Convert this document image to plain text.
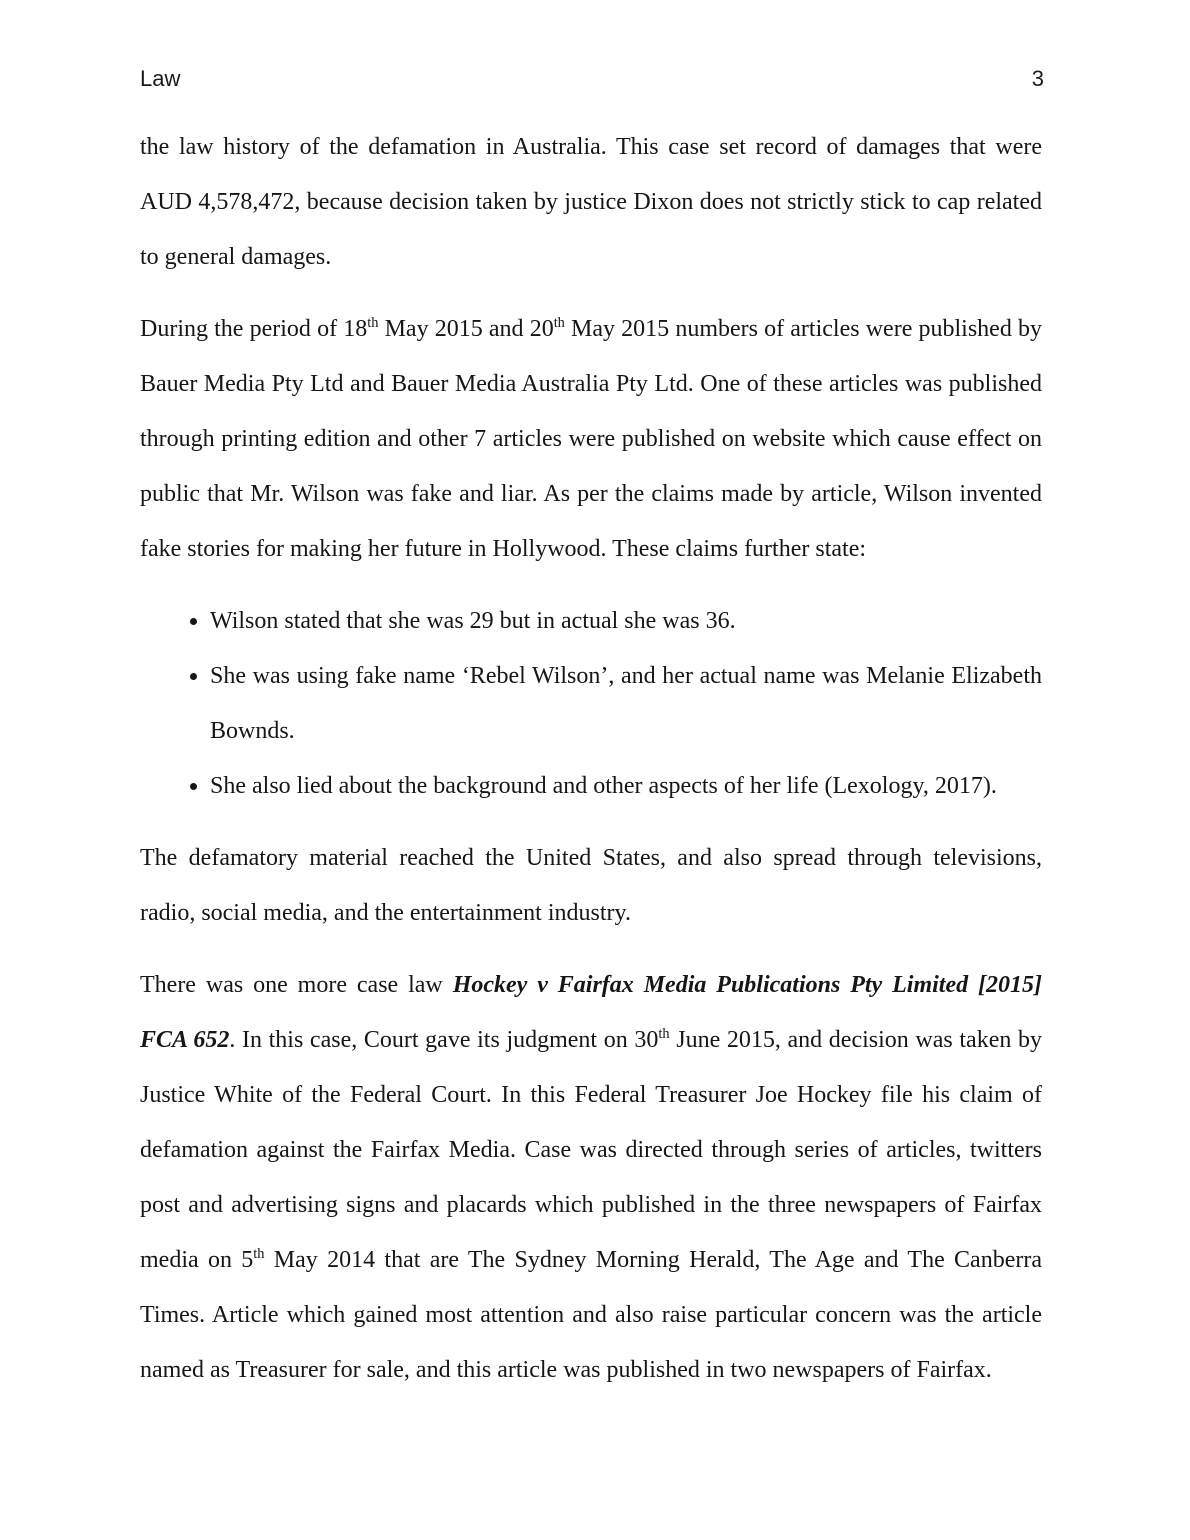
Law	3

the law history of the defamation in Australia. This case set record of damages that were AUD 4,578,472, because decision taken by justice Dixon does not strictly stick to cap related to general damages.

During the period of 18th May 2015 and 20th May 2015 numbers of articles were published by Bauer Media Pty Ltd and Bauer Media Australia Pty Ltd. One of these articles was published through printing edition and other 7 articles were published on website which cause effect on public that Mr. Wilson was fake and liar. As per the claims made by article, Wilson invented fake stories for making her future in Hollywood. These claims further state:

• Wilson stated that she was 29 but in actual she was 36.
• She was using fake name ‘Rebel Wilson’, and her actual name was Melanie Elizabeth Bownds.
• She also lied about the background and other aspects of her life (Lexology, 2017).

The defamatory material reached the United States, and also spread through televisions, radio, social media, and the entertainment industry.

There was one more case law Hockey v Fairfax Media Publications Pty Limited [2015] FCA 652. In this case, Court gave its judgment on 30th June 2015, and decision was taken by Justice White of the Federal Court. In this Federal Treasurer Joe Hockey file his claim of defamation against the Fairfax Media. Case was directed through series of articles, twitters post and advertising signs and placards which published in the three newspapers of Fairfax media on 5th May 2014 that are The Sydney Morning Herald, The Age and The Canberra Times. Article which gained most attention and also raise particular concern was the article named as Treasurer for sale, and this article was published in two newspapers of Fairfax.
